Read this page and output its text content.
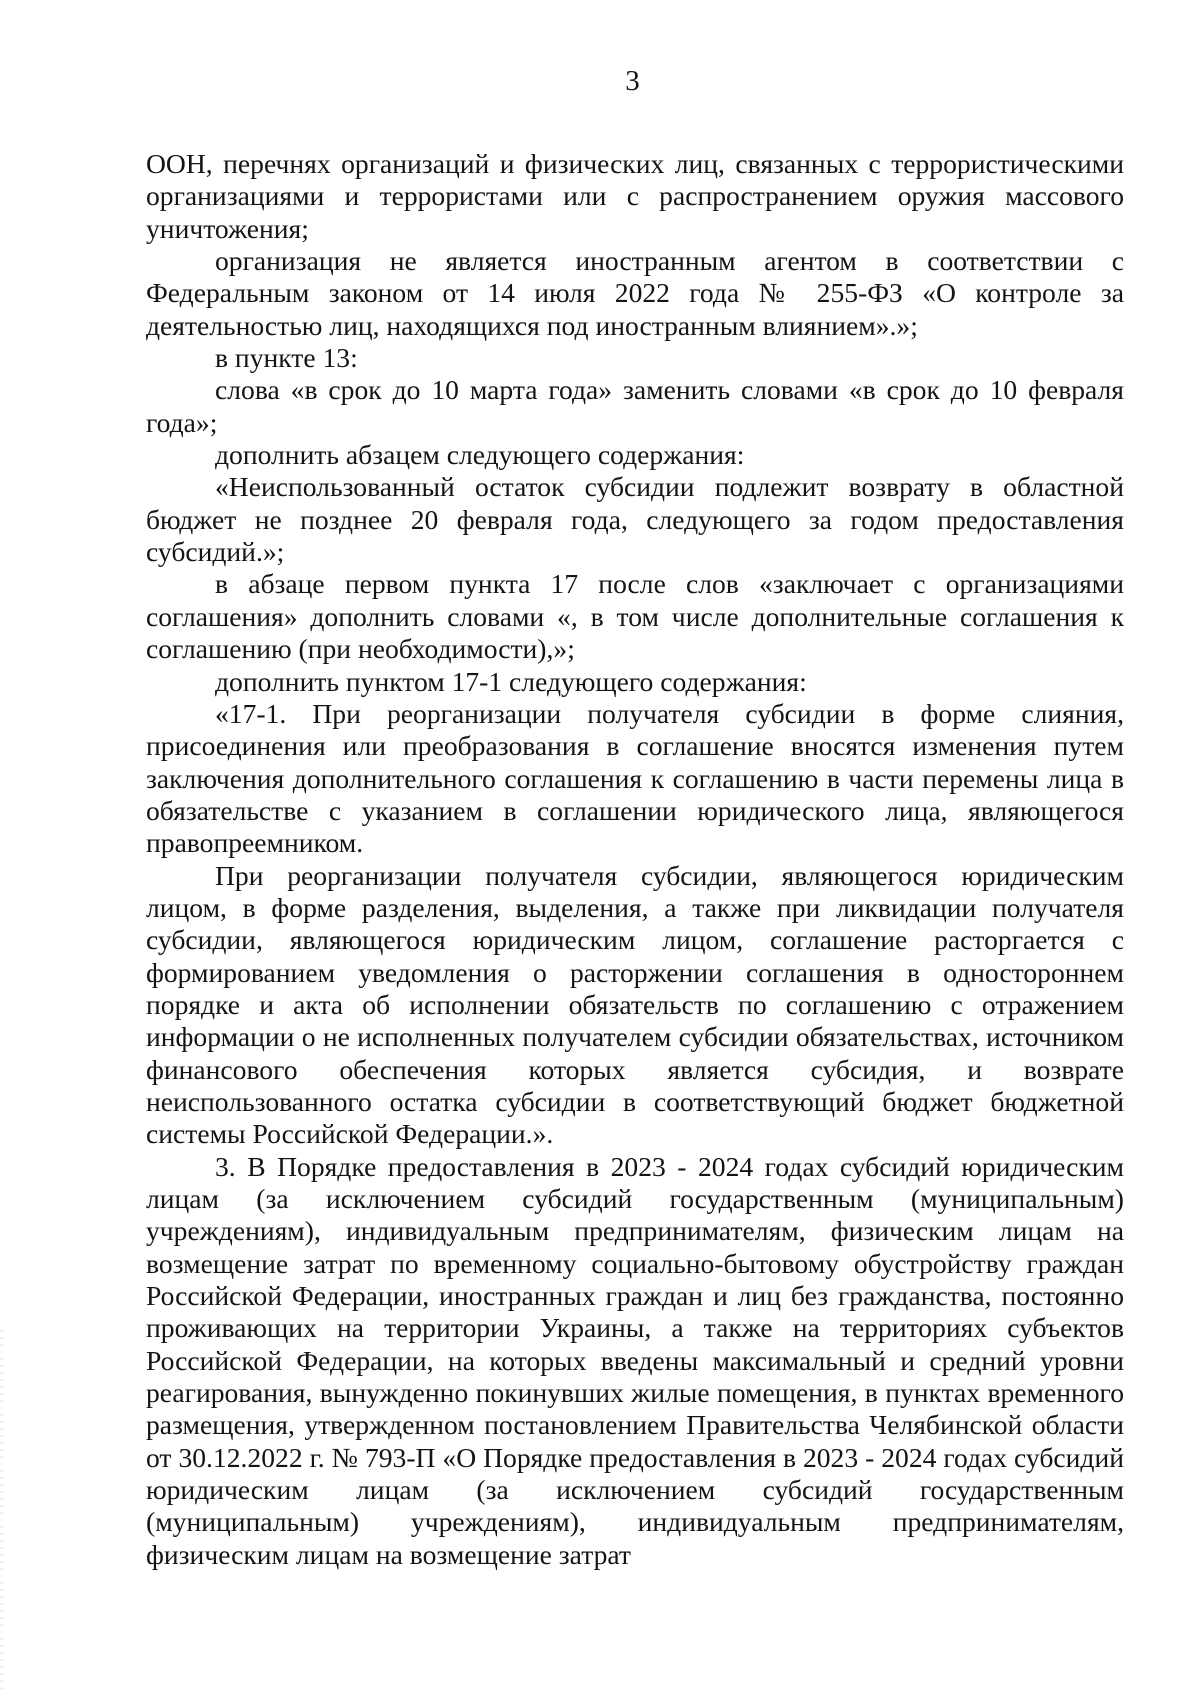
3

ООН, перечнях организаций и физических лиц, связанных с террористическими организациями и террористами или с распространением оружия массового уничтожения;

организация не является иностранным агентом в соответствии с Федеральным законом от 14 июля 2022 года № 255-ФЗ «О контроле за деятельностью лиц, находящихся под иностранным влиянием».»;

в пункте 13:

слова «в срок до 10 марта года» заменить словами «в срок до 10 февраля года»;

дополнить абзацем следующего содержания:

«Неиспользованный остаток субсидии подлежит возврату в областной бюджет не позднее 20 февраля года, следующего за годом предоставления субсидий.»;

в абзаце первом пункта 17 после слов «заключает с организациями соглашения» дополнить словами «, в том числе дополнительные соглашения к соглашению (при необходимости),»;

дополнить пунктом 17-1 следующего содержания:

«17-1. При реорганизации получателя субсидии в форме слияния, присоединения или преобразования в соглашение вносятся изменения путем заключения дополнительного соглашения к соглашению в части перемены лица в обязательстве с указанием в соглашении юридического лица, являющегося правопреемником.

При реорганизации получателя субсидии, являющегося юридическим лицом, в форме разделения, выделения, а также при ликвидации получателя субсидии, являющегося юридическим лицом, соглашение расторгается с формированием уведомления о расторжении соглашения в одностороннем порядке и акта об исполнении обязательств по соглашению с отражением информации о не исполненных получателем субсидии обязательствах, источником финансового обеспечения которых является субсидия, и возврате неиспользованного остатка субсидии в соответствующий бюджет бюджетной системы Российской Федерации.».

3. В Порядке предоставления в 2023 - 2024 годах субсидий юридическим лицам (за исключением субсидий государственным (муниципальным) учреждениям), индивидуальным предпринимателям, физическим лицам на возмещение затрат по временному социально-бытовому обустройству граждан Российской Федерации, иностранных граждан и лиц без гражданства, постоянно проживающих на территории Украины, а также на территориях субъектов Российской Федерации, на которых введены максимальный и средний уровни реагирования, вынужденно покинувших жилые помещения, в пунктах временного размещения, утвержденном постановлением Правительства Челябинской области от 30.12.2022 г. № 793-П «О Порядке предоставления в 2023 - 2024 годах субсидий юридическим лицам (за исключением субсидий государственным (муниципальным) учреждениям), индивидуальным предпринимателям, физическим лицам на возмещение затрат
